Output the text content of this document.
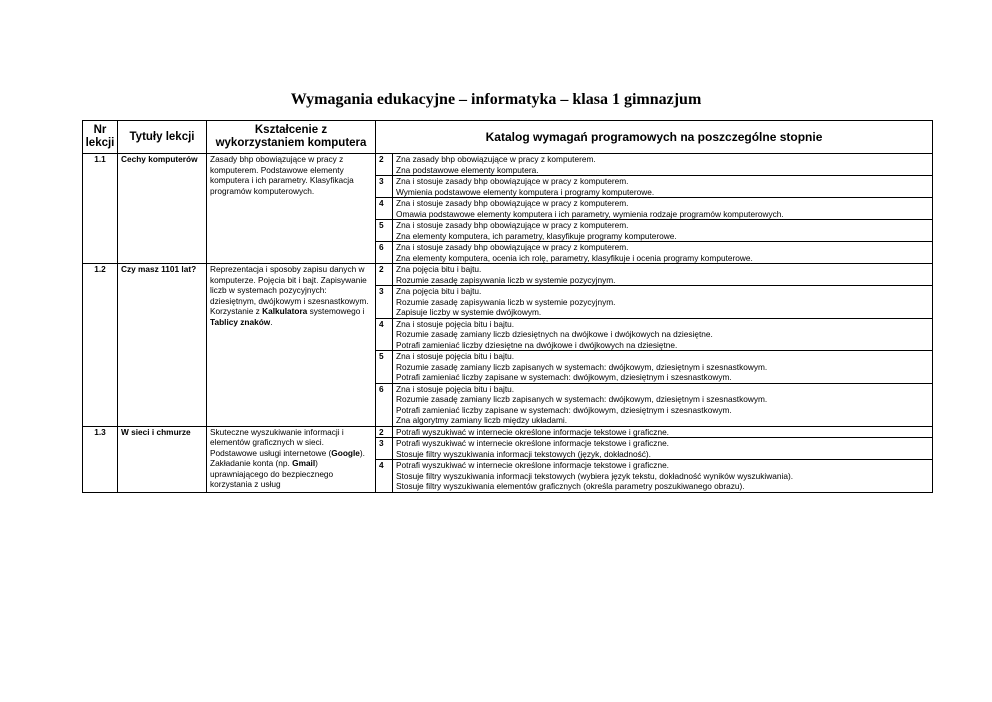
Wymagania edukacyjne – informatyka – klasa 1 gimnazjum
Nr lekcji	Tytuły lekcji	Kształcenie z wykorzystaniem komputera	Katalog wymagań programowych na poszczególne stopnie	
1.1	Cechy komputerów	Zasady bhp obowiązujące w pracy z komputerem. Podstawowe elementy komputera i ich parametry. Klasyfikacja programów komputerowych.	2	Zna zasady bhp obowiązujące w pracy z komputerem.
Zna podstawowe elementy komputera.

			3	Zna i stosuje zasady bhp obowiązujące w pracy z komputerem.
Wymienia podstawowe elementy komputera i programy komputerowe.

			4	Zna i stosuje zasady bhp obowiązujące w pracy z komputerem.
Omawia podstawowe elementy komputera i ich parametry, wymienia rodzaje programów komputerowych.

			5	Zna i stosuje zasady bhp obowiązujące w pracy z komputerem.
Zna elementy komputera, ich parametry, klasyfikuje programy komputerowe.

			6	Zna i stosuje zasady bhp obowiązujące w pracy z komputerem.
Zna elementy komputera, ocenia ich rolę, parametry, klasyfikuje i ocenia programy komputerowe.

1.2	Czy masz 1101 lat?	Reprezentacja i sposoby zapisu danych w komputerze. Pojęcia bit i bajt. Zapisywanie liczb w systemach pozycyjnych: dziesiętnym, dwójkowym i szesnastkowym. Korzystanie z Kalkulatora systemowego i Tablicy znaków.	2	Zna pojęcia bitu i bajtu.
Rozumie zasadę zapisywania liczb w systemie pozycyjnym.

			3	Zna pojęcia bitu i bajtu.
Rozumie zasadę zapisywania liczb w systemie pozycyjnym.
Zapisuje liczby w systemie dwójkowym.

			4	Zna i stosuje pojęcia bitu i bajtu.
Rozumie zasadę zamiany liczb dziesiętnych na dwójkowe i dwójkowych na dziesiętne.
Potrafi zamieniać liczby dziesiętne na dwójkowe i dwójkowych na dziesiętne.

			5	Zna i stosuje pojęcia bitu i bajtu.
Rozumie zasadę zamiany liczb zapisanych w systemach: dwójkowym, dziesiętnym i szesnastkowym.
Potrafi zamieniać liczby zapisane w systemach: dwójkowym, dziesiętnym i szesnastkowym.

			6	Zna i stosuje pojęcia bitu i bajtu.
Rozumie zasadę zamiany liczb zapisanych w systemach: dwójkowym, dziesiętnym i szesnastkowym.
Potrafi zamieniać liczby zapisane w systemach: dwójkowym, dziesiętnym i szesnastkowym.
Zna algorytmy zamiany liczb między układami.

1.3	W sieci i chmurze	Skuteczne wyszukiwanie informacji i elementów graficznych w sieci. Podstawowe usługi internetowe (Google). Zakładanie konta (np. Gmail) uprawniającego do bezpiecznego korzystania z usług	2	Potrafi wyszukiwać w internecie określone informacje tekstowe i graficzne.

			3	Potrafi wyszukiwać w internecie określone informacje tekstowe i graficzne.
Stosuje filtry wyszukiwania informacji tekstowych (język, dokładność).

			4	Potrafi wyszukiwać w internecie określone informacje tekstowe i graficzne.
Stosuje filtry wyszukiwania informacji tekstowych (wybiera język tekstu, dokładność wyników wyszukiwania).
Stosuje filtry wyszukiwania elementów graficznych (określa parametry poszukiwanego obrazu).
